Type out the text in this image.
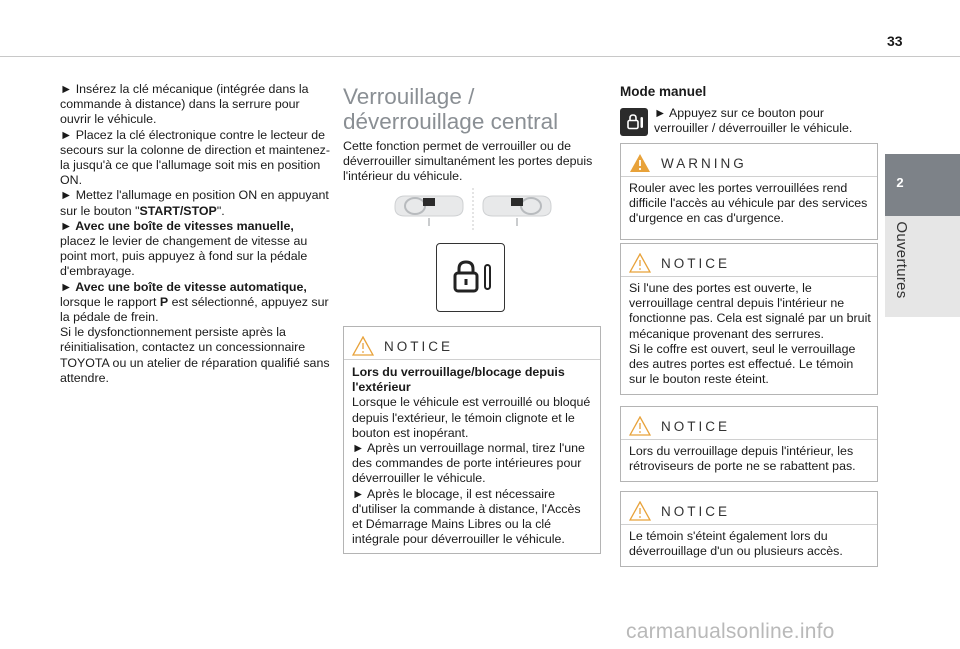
33
2
Ouvertures

► Insérez la clé mécanique (intégrée dans la commande à distance) dans la serrure pour ouvrir le véhicule.

► Placez la clé électronique contre le lecteur de secours sur la colonne de direction et maintenez-la jusqu'à ce que l'allumage soit mis en position ON.

► Mettez l'allumage en position ON en appuyant sur le bouton "START/STOP".

► Avec une boîte de vitesses manuelle, placez le levier de changement de vitesse au point mort, puis appuyez à fond sur la pédale d'embrayage.

► Avec une boîte de vitesse automatique, lorsque le rapport P est sélectionné, appuyez sur la pédale de frein.

Si le dysfonctionnement persiste après la réinitialisation, contactez un concessionnaire TOYOTA ou un atelier de réparation qualifié sans attendre.

Verrouillage / déverrouillage central
Cette fonction permet de verrouiller ou de déverrouiller simultanément les portes depuis l'intérieur du véhicule.
NOTICE
Lors du verrouillage/blocage depuis l'extérieur
Lorsque le véhicule est verrouillé ou bloqué depuis l'extérieur, le témoin clignote et le bouton est inopérant.
► Après un verrouillage normal, tirez l'une des commandes de porte intérieures pour déverrouiller le véhicule.
► Après le blocage, il est nécessaire d'utiliser la commande à distance, l'Accès et Démarrage Mains Libres ou la clé intégrale pour déverrouiller le véhicule.
Mode manuel
► Appuyez sur ce bouton pour verrouiller / déverrouiller le véhicule.
WARNING
Rouler avec les portes verrouillées rend difficile l'accès au véhicule par des services d'urgence en cas d'urgence.
NOTICE
Si l'une des portes est ouverte, le verrouillage central depuis l'intérieur ne fonctionne pas. Cela est signalé par un bruit mécanique provenant des serrures.
Si le coffre est ouvert, seul le verrouillage des autres portes est effectué. Le témoin sur le bouton reste éteint.
NOTICE
Lors du verrouillage depuis l'intérieur, les rétroviseurs de porte ne se rabattent pas.
NOTICE
Le témoin s'éteint également lors du déverrouillage d'un ou plusieurs accès.
carmanualsonline.info
